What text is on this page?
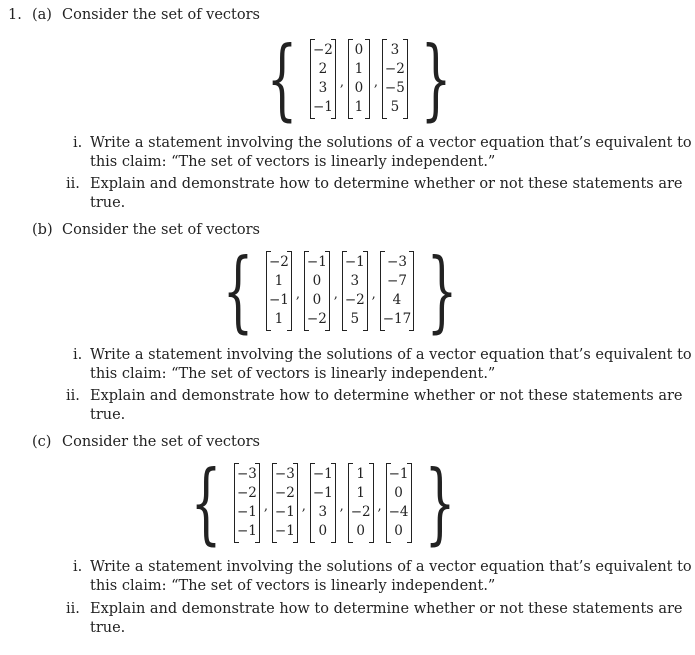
1. (a) Consider the set of vectors
{ −2
2
3
−1
,
0
1
0
1
,
3
−2
−5
5 }
i. Write a statement involving the solutions of a vector equation that’s equivalent to
this claim: “The set of vectors is linearly independent.”
ii. Explain and demonstrate how to determine whether or not these statements are
true.
(b) Consider the set of vectors
{ −2
1
−1
1
,
−1
0
0
−2
,
−1
3
−2
5
,
−3
−7
4
−17 }
i. Write a statement involving the solutions of a vector equation that’s equivalent to
this claim: “The set of vectors is linearly independent.”
ii. Explain and demonstrate how to determine whether or not these statements are
true.
(c) Consider the set of vectors
{ −3
−2
−1
−1
,
−3
−2
−1
−1
,
−1
−1
3
0
,
1
1
−2
0
,
−1
0
−4
0 }
i. Write a statement involving the solutions of a vector equation that’s equivalent to
this claim: “The set of vectors is linearly independent.”
ii. Explain and demonstrate how to determine whether or not these statements are
true.
